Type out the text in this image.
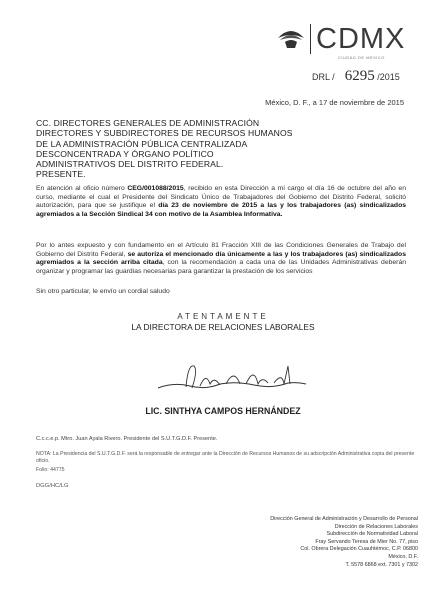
CDMX
CIUDAD DE MÉXICO
DRL / 6295 /2015
México, D. F., a 17 de noviembre de 2015
CC. DIRECTORES GENERALES DE ADMINISTRACIÓN
DIRECTORES Y SUBDIRECTORES DE RECURSOS HUMANOS
DE LA ADMINISTRACIÓN PÚBLICA CENTRALIZADA
DESCONCENTRADA Y ÓRGANO POLÍTICO
ADMINISTRATIVOS DEL DISTRITO FEDERAL.
PRESENTE.
En atención al oficio número CEG/001088/2015, recibido en esta Dirección a mi cargo el día 16 de octubre del año en curso, mediante el cual el Presidente del Sindicato Único de Trabajadores del Gobierno del Distrito Federal, solicitó autorización, para que se justifique el día 23 de noviembre de 2015 a las y los trabajadores (as) sindicalizados agremiados a la Sección Sindical 34 con motivo de la Asamblea Informativa.
Por lo antes expuesto y con fundamento en el Artículo 81 Fracción XIII de las Condiciones Generales de Trabajo del Gobierno del Distrito Federal, se autoriza el mencionado día únicamente a las y los trabajadores (as) sindicalizados agremiados a la sección arriba citada, con la recomendación a cada una de las Unidades Administrativas deberán organizar y programar las guardias necesarias para garantizar la prestación de los servicios
Sin otro particular, le envío un cordial saludo
ATENTAMENTE
LA DIRECTORA DE RELACIONES LABORALES
LIC. SINTHYA CAMPOS HERNÁNDEZ
C.c.c.e.p. Mtro. Juan Ayala Rivero. Presidente del S.U.T.G.D.F. Presente.
NOTA: La Presidencia del S.U.T.G.D.F. será la responsable de entregar ante la Dirección de Recursos Humanos de su adscripción Administrativa copia del presente oficio.
Folio: 44775
DGG/HC/LG
Dirección General de Administración y Desarrollo de Personal
Dirección de Relaciones Laborales
Subdirección de Normatividad Laboral
Fray Servando Teresa de Mier No. 77, piso
Col. Obrera Delegación Cuauhtémoc, C.P. 06800
México, D.F.
T. 5578 6868 ext. 7301 y 7302
